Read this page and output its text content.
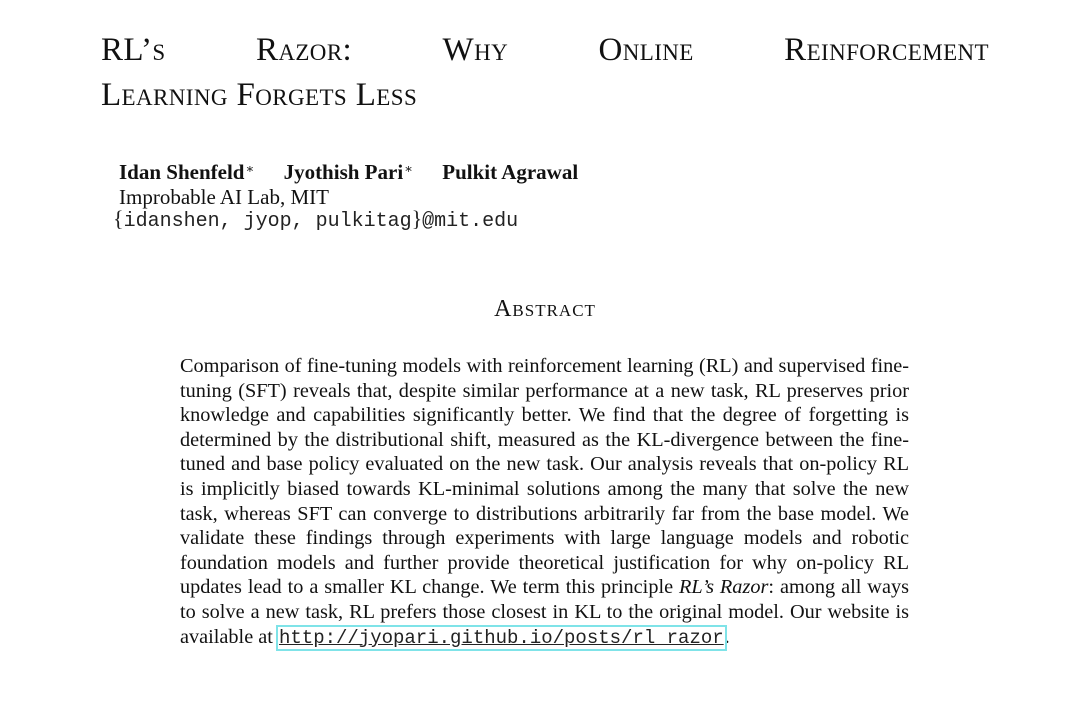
RL’s	Razor:	Why	Online	Reinforcement
Learning Forgets Less
Idan Shenfeld∗ Jyothish Pari∗ Pulkit Agrawal
Improbable AI Lab, MIT
{idanshen, jyop, pulkitag}@mit.edu
Abstract
Comparison of fine-tuning models with reinforcement learning (RL) and supervised fine-tuning (SFT) reveals that, despite similar performance at a new task, RL preserves prior knowledge and capabilities significantly better. We find that the degree of forgetting is determined by the distributional shift, measured as the KL-divergence between the fine-tuned and base policy evaluated on the new task. Our analysis reveals that on-policy RL is implicitly biased towards KL-minimal solutions among the many that solve the new task, whereas SFT can converge to distributions arbitrarily far from the base model. We validate these findings through experiments with large language models and robotic foundation models and further provide theoretical justification for why on-policy RL updates lead to a smaller KL change. We term this principle RL’s Razor: among all ways to solve a new task, RL prefers those closest in KL to the original model. Our website is available at http://jyopari.github.io/posts/rl_razor.
